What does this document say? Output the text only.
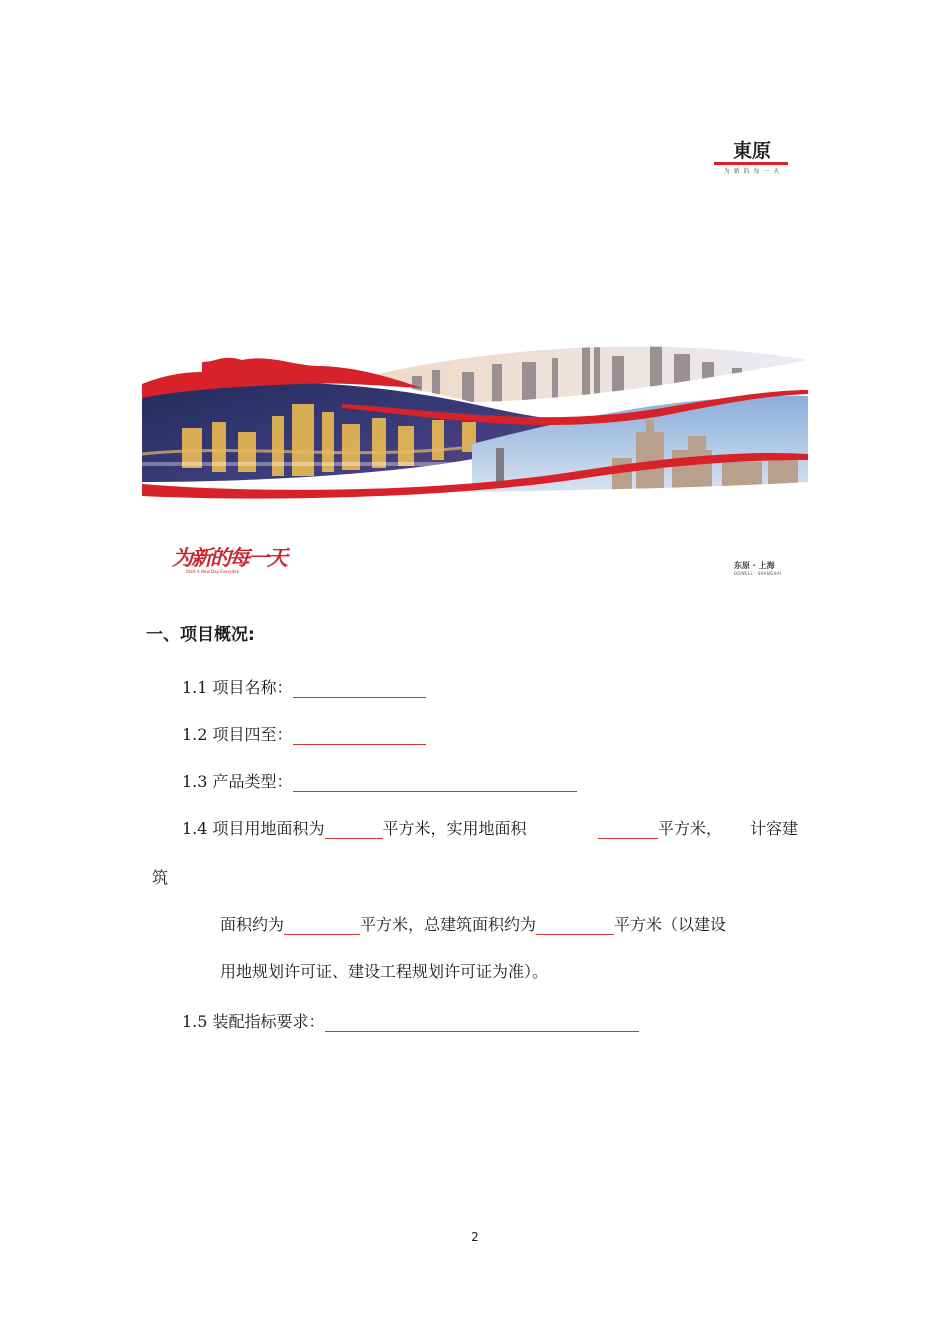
東原
为 新 的 每 一 天
为新的每一天
Start A New Day Everyday
东原 · 上海
DOWELL · SHANGHAI
一、项目概况:
1.1 项目名称：
1.2 项目四至：
1.3 产品类型：
1.4 项目用地面积为	平方米，实用地面积	平方米， 计容建
筑
面积约为	平方米，总建筑面积约为	平方米（以建设
用地规划许可证、建设工程规划许可证为准）。
1.5 装配指标要求：
2
